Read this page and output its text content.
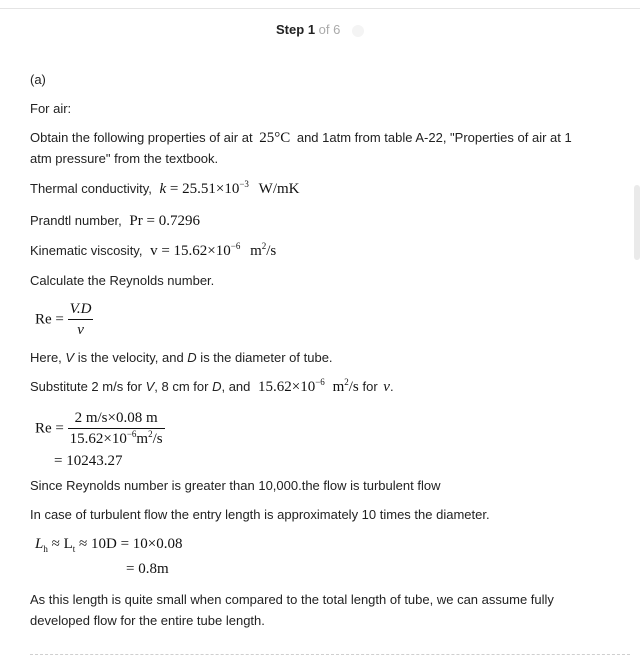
Step 1 of 6
(a)
For air:
Obtain the following properties of air at 25°C and 1atm from table A-22, "Properties of air at 1
atm pressure" from the textbook.
Thermal conductivity, $k = 25.51\times 10^{-3}$ W/mK
Prandtl number, Pr = 0.7296
Kinematic viscosity, $v = 15.62\times 10^{-6}$ $m^2/s$
Calculate the Reynolds number.
$Re = \frac{V.D}{v}$
Here, V is the velocity, and D is the diameter of tube.
Substitute 2 m/s for V, 8 cm for D, and $15.62\times 10^{-6}$ $m^2/s$ for v.
$Re = \frac{2 m/s\times 0.08 m}{15.62\times 10^{-6}m^2/s}$
= 10243.27
Since Reynolds number is greater than 10,000.the flow is turbulent flow
In case of turbulent flow the entry length is approximately 10 times the diameter.
$L_h \approx L_t \approx 10D = 10\times 0.08$
= 0.8m
As this length is quite small when compared to the total length of tube, we can assume fully
developed flow for the entire tube length.
